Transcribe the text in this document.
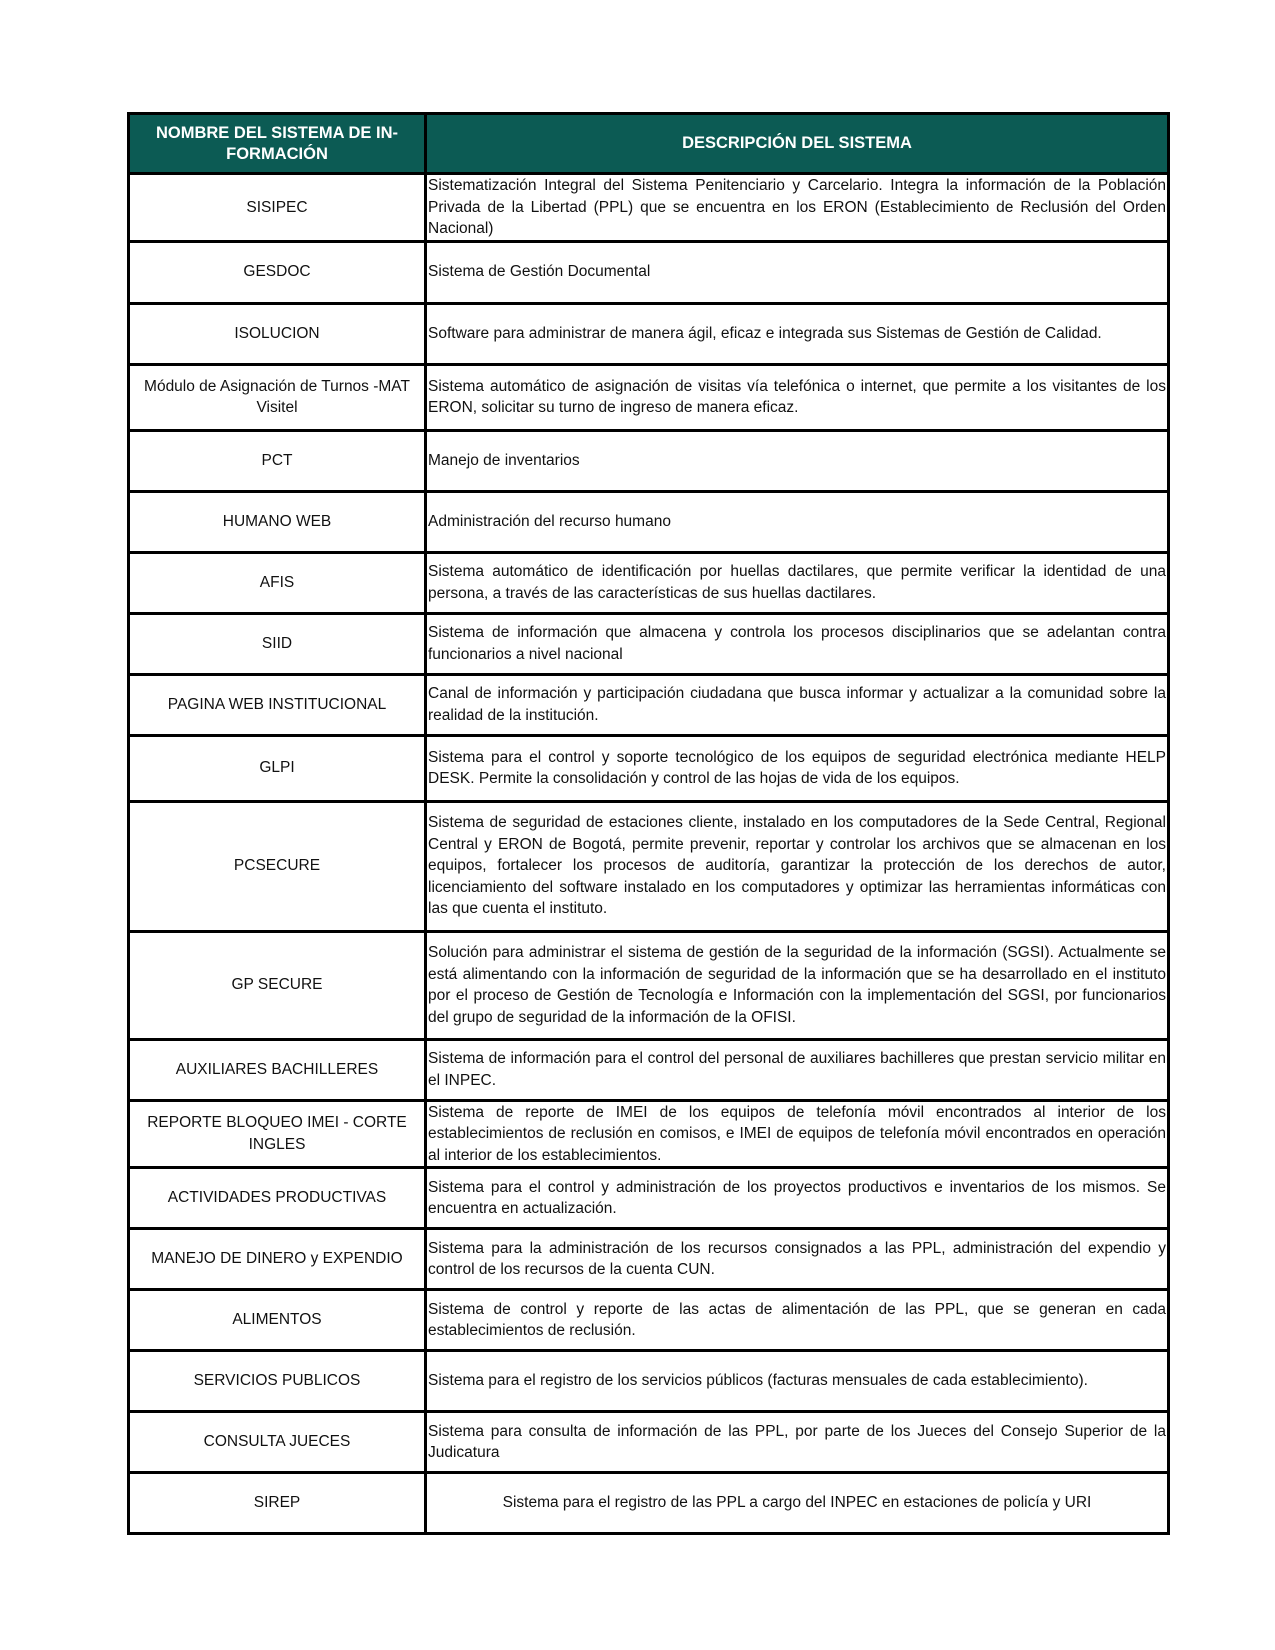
NOMBRE DEL SISTEMA DE IN-FORMACIÓN	DESCRIPCIÓN DEL SISTEMA
SISIPEC	Sistematización Integral del Sistema Penitenciario y Carcelario. Integra la información de la Población Privada de la Libertad (PPL) que se encuentra en los ERON (Establecimiento de Reclusión del Orden Nacional)
GESDOC	Sistema de Gestión Documental
ISOLUCION	Software para administrar de manera ágil, eficaz e integrada sus Sistemas de Gestión de Calidad.
Módulo de Asignación de Turnos -MAT Visitel	Sistema automático de asignación de visitas vía telefónica o internet, que permite a los visitantes de los ERON, solicitar su turno de ingreso de manera eficaz.
PCT	Manejo de inventarios
HUMANO WEB	Administración del recurso humano
AFIS	Sistema automático de identificación por huellas dactilares, que permite verificar la identidad de una persona, a través de las características de sus huellas dactilares.
SIID	Sistema de información que almacena y controla los procesos disciplinarios que se adelantan contra funcionarios a nivel nacional
PAGINA WEB INSTITUCIONAL	Canal de información y participación ciudadana que busca informar y actualizar a la comunidad sobre la realidad de la institución.
GLPI	Sistema para el control y soporte tecnológico de los equipos de seguridad electrónica mediante HELP DESK. Permite la consolidación y control de las hojas de vida de los equipos.
PCSECURE	Sistema de seguridad de estaciones cliente, instalado en los computadores de la Sede Central, Regional Central y ERON de Bogotá, permite prevenir, reportar y controlar los archivos que se almacenan en los equipos, fortalecer los procesos de auditoría, garantizar la protección de los derechos de autor, licenciamiento del software instalado en los computadores y optimizar las herramientas informáticas con las que cuenta el instituto.
GP SECURE	Solución para administrar el sistema de gestión de la seguridad de la información (SGSI). Actualmente se está alimentando con la información de seguridad de la información que se ha desarrollado en el instituto por el proceso de Gestión de Tecnología e Información con la implementación del SGSI, por funcionarios del grupo de seguridad de la información de la OFISI.
AUXILIARES BACHILLERES	Sistema de información para el control del personal de auxiliares bachilleres que prestan servicio militar en el INPEC.
REPORTE BLOQUEO IMEI - CORTE INGLES	Sistema de reporte de IMEI de los equipos de telefonía móvil encontrados al interior de los establecimientos de reclusión en comisos, e IMEI de equipos de telefonía móvil encontrados en operación al interior de los establecimientos.
ACTIVIDADES PRODUCTIVAS	Sistema para el control y administración de los proyectos productivos e inventarios de los mismos. Se encuentra en actualización.
MANEJO DE DINERO y EXPENDIO	Sistema para la administración de los recursos consignados a las PPL, administración del expendio y control de los recursos de la cuenta CUN.
ALIMENTOS	Sistema de control y reporte de las actas de alimentación de las PPL, que se generan en cada establecimientos de reclusión.
SERVICIOS PUBLICOS	Sistema para el registro de los servicios públicos (facturas mensuales de cada establecimiento).
CONSULTA JUECES	Sistema para consulta de información de las PPL, por parte de los Jueces del Consejo Superior de la Judicatura
SIREP	Sistema para el registro de las PPL a cargo del INPEC en estaciones de policía y URI
